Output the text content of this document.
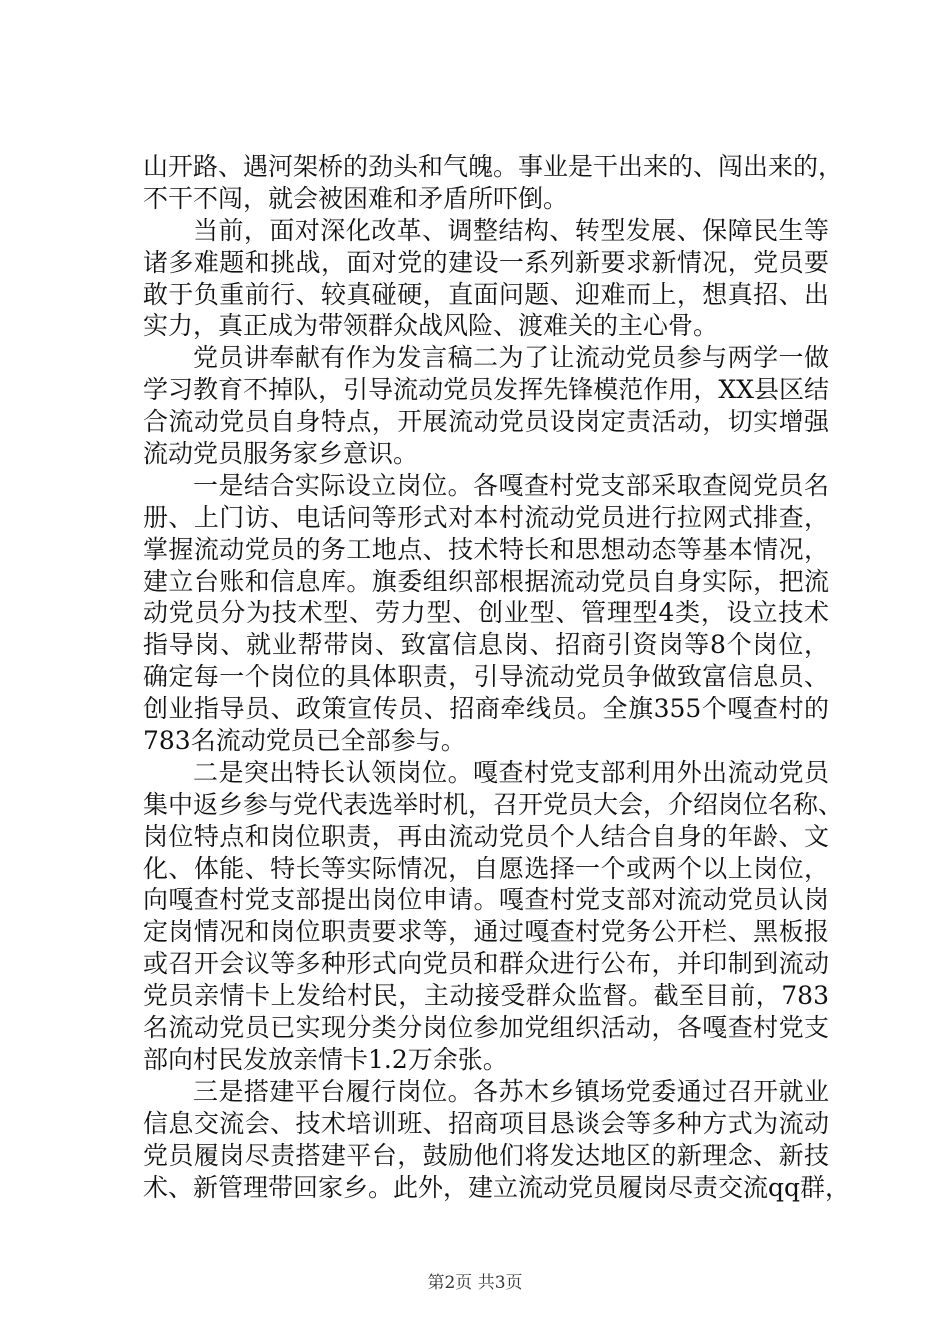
山开路、遇河架桥的劲头和气魄。事业是干出来的、闯出来的，
不干不闯，就会被困难和矛盾所吓倒。
当前，面对深化改革、调整结构、转型发展、保障民生等
诸多难题和挑战，面对党的建设一系列新要求新情况，党员要
敢于负重前行、较真碰硬，直面问题、迎难而上，想真招、出
实力，真正成为带领群众战风险、渡难关的主心骨。
党员讲奉献有作为发言稿二为了让流动党员参与两学一做
学习教育不掉队，引导流动党员发挥先锋模范作用，XX县区结
合流动党员自身特点，开展流动党员设岗定责活动，切实增强
流动党员服务家乡意识。
一是结合实际设立岗位。各嘎查村党支部采取查阅党员名
册、上门访、电话问等形式对本村流动党员进行拉网式排查，
掌握流动党员的务工地点、技术特长和思想动态等基本情况，
建立台账和信息库。旗委组织部根据流动党员自身实际，把流
动党员分为技术型、劳力型、创业型、管理型4类，设立技术
指导岗、就业帮带岗、致富信息岗、招商引资岗等8个岗位，
确定每一个岗位的具体职责，引导流动党员争做致富信息员、
创业指导员、政策宣传员、招商牵线员。全旗355个嘎查村的
783名流动党员已全部参与。
二是突出特长认领岗位。嘎查村党支部利用外出流动党员
集中返乡参与党代表选举时机，召开党员大会，介绍岗位名称、
岗位特点和岗位职责，再由流动党员个人结合自身的年龄、文
化、体能、特长等实际情况，自愿选择一个或两个以上岗位，
向嘎查村党支部提出岗位申请。嘎查村党支部对流动党员认岗
定岗情况和岗位职责要求等，通过嘎查村党务公开栏、黑板报
或召开会议等多种形式向党员和群众进行公布，并印制到流动
党员亲情卡上发给村民，主动接受群众监督。截至目前，783
名流动党员已实现分类分岗位参加党组织活动，各嘎查村党支
部向村民发放亲情卡1.2万余张。
三是搭建平台履行岗位。各苏木乡镇场党委通过召开就业
信息交流会、技术培训班、招商项目恳谈会等多种方式为流动
党员履岗尽责搭建平台，鼓励他们将发达地区的新理念、新技
术、新管理带回家乡。此外，建立流动党员履岗尽责交流qq群，
第2页 共3页
